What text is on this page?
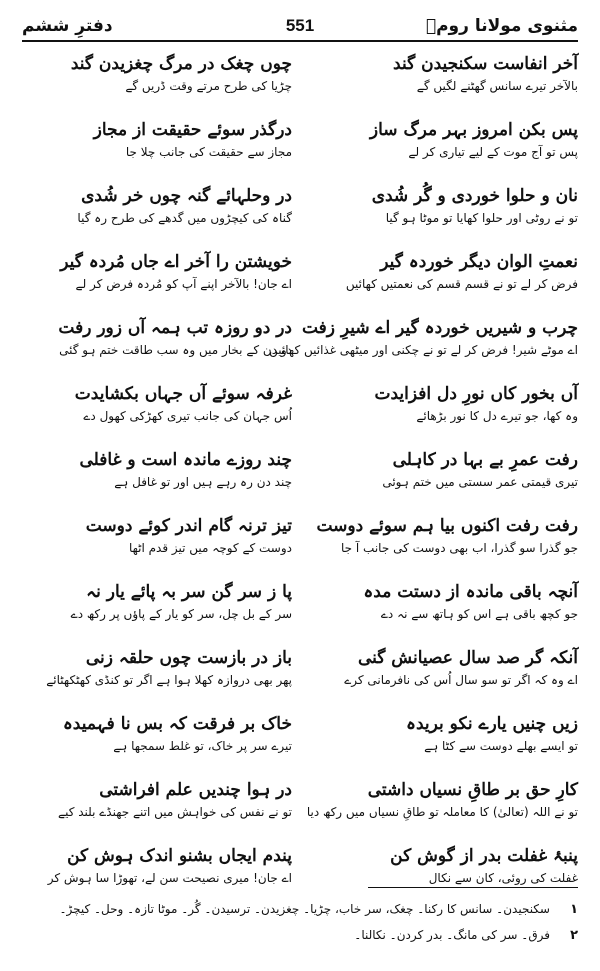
مثنوی مولانا رومؒ
551
دفترِ ششم
آخر انفاست سکنجیدن گند
بالآخر تیرے سانس گھٹنے لگیں گے
پس بکن امروز بہر مرگ ساز
پس تو آج موت کے لیے تیاری کر لے
نان و حلوا خوردی و گُر شُدی
تو نے روٹی اور حلوا کھایا تو موٹا ہو گیا
نعمتِ الوان دیگر خوردہ گیر
فرض کر لے تو نے قسم قسم کی نعمتیں کھائیں
چرب و شیریں خوردہ گیر اے شیرِ زفت
اے موٹے شیر! فرض کر لے تو نے چکنی اور میٹھی غذائیں کھائیں
آں بخور کاں نورِ دل افزایدت
وہ کھا، جو تیرے دل کا نور بڑھائے
رفت عمرِ بے بہا در کاہلی
تیری قیمتی عمر سستی میں ختم ہوئی
رفت رفت اکنوں بیا ہم سوئے دوست
جو گذرا سو گذرا، اب بھی دوست کی جانب آ جا
آنچہ باقی ماندہ از دستت مدہ
جو کچھ باقی ہے اس کو ہاتھ سے نہ دے
آنکہ گر صد سال عصیانش گنی
اے وہ کہ اگر تو سو سال اُس کی نافرمانی کرے
زیں چنیں یارے نکو بریدہ
تو ایسے بھلے دوست سے کٹا ہے
کارِ حق بر طاقِ نسیاں داشتی
تو نے اللہ (تعالیٰ) کا معاملہ تو طاقِ نسیاں میں رکھ دیا
پنبۂ غفلت بدر از گوش کن
غفلت کی روئی، کان سے نکال
چوں چغک در مرگ چغزیدن گند
چڑیا کی طرح مرتے وقت ڈریں گے
درگذر سوئے حقیقت از مجاز
مجاز سے حقیقت کی جانب چلا جا
در وحلہائے گنہ چوں خر شُدی
گناہ کی کیچڑوں میں گدھے کی طرح رہ گیا
خویشتن را آخر اے جاں مُردہ گیر
اے جان! بالآخر اپنے آپ کو مُردہ فرض کر لے
در دو روزہ تب ہمہ آں زور رفت
دو دن کے بخار میں وہ سب طاقت ختم ہو گئی
غرفہ سوئے آں جہاں بکشایدت
اُس جہان کی جانب تیری کھڑکی کھول دے
چند روزے ماندہ است و غافلی
چند دن رہ رہے ہیں اور تو غافل ہے
تیز ترنہ گام اندر کوئے دوست
دوست کے کوچہ میں تیز قدم اٹھا
پا ز سر گن سر بہ پائے یار نہ
سر کے بل چل، سر کو یار کے پاؤں پر رکھ دے
باز در بازست چوں حلقہ زنی
پھر بھی دروازہ کھلا ہوا ہے اگر تو کنڈی کھٹکھٹائے
خاک بر فرقت کہ بس نا فہمیدہ
تیرے سر پر خاک، تو غلط سمجھا ہے
در ہوا چندیں علم افراشتی
تو نے نفس کی خواہش میں اتنے جھنڈے بلند کیے
پندم ایجاں بشنو اندک ہوش کن
اے جان! میری نصیحت سن لے، تھوڑا سا ہوش کر
۱
سکنجیدن۔ سانس کا رکنا۔ چغک، سر خاب، چڑیا۔ چغزیدن۔ ترسیدن۔ گُر۔ موٹا تازہ۔ وحل۔ کیچڑ۔
۲
فرق۔ سر کی مانگ۔ بدر کردن۔ نکالنا۔
